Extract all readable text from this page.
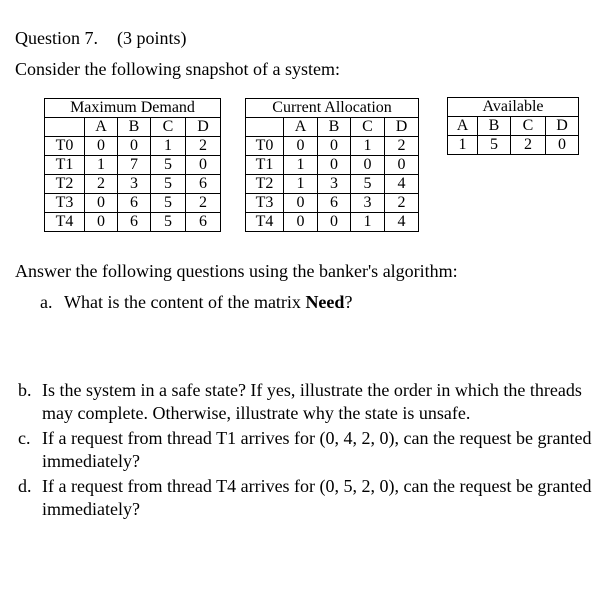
Question 7. (3 points)
Consider the following snapshot of a system:
Maximum Demand				
	A	B	C	D
T0	0	0	1	2
T1	1	7	5	0
T2	2	3	5	6
T3	0	6	5	2
T4	0	6	5	6
Current Allocation				
	A	B	C	D
T0	0	0	1	2
T1	1	0	0	0
T2	1	3	5	4
T3	0	6	3	2
T4	0	0	1	4
Available			
A	B	C	D
1	5	2	0
Answer the following questions using the banker's algorithm:
a. What is the content of the matrix Need?
b. Is the system in a safe state? If yes, illustrate the order in which the threads
may complete. Otherwise, illustrate why the state is unsafe.
c. If a request from thread T1 arrives for (0, 4, 2, 0), can the request be granted
immediately?
d. If a request from thread T4 arrives for (0, 5, 2, 0), can the request be granted
immediately?
